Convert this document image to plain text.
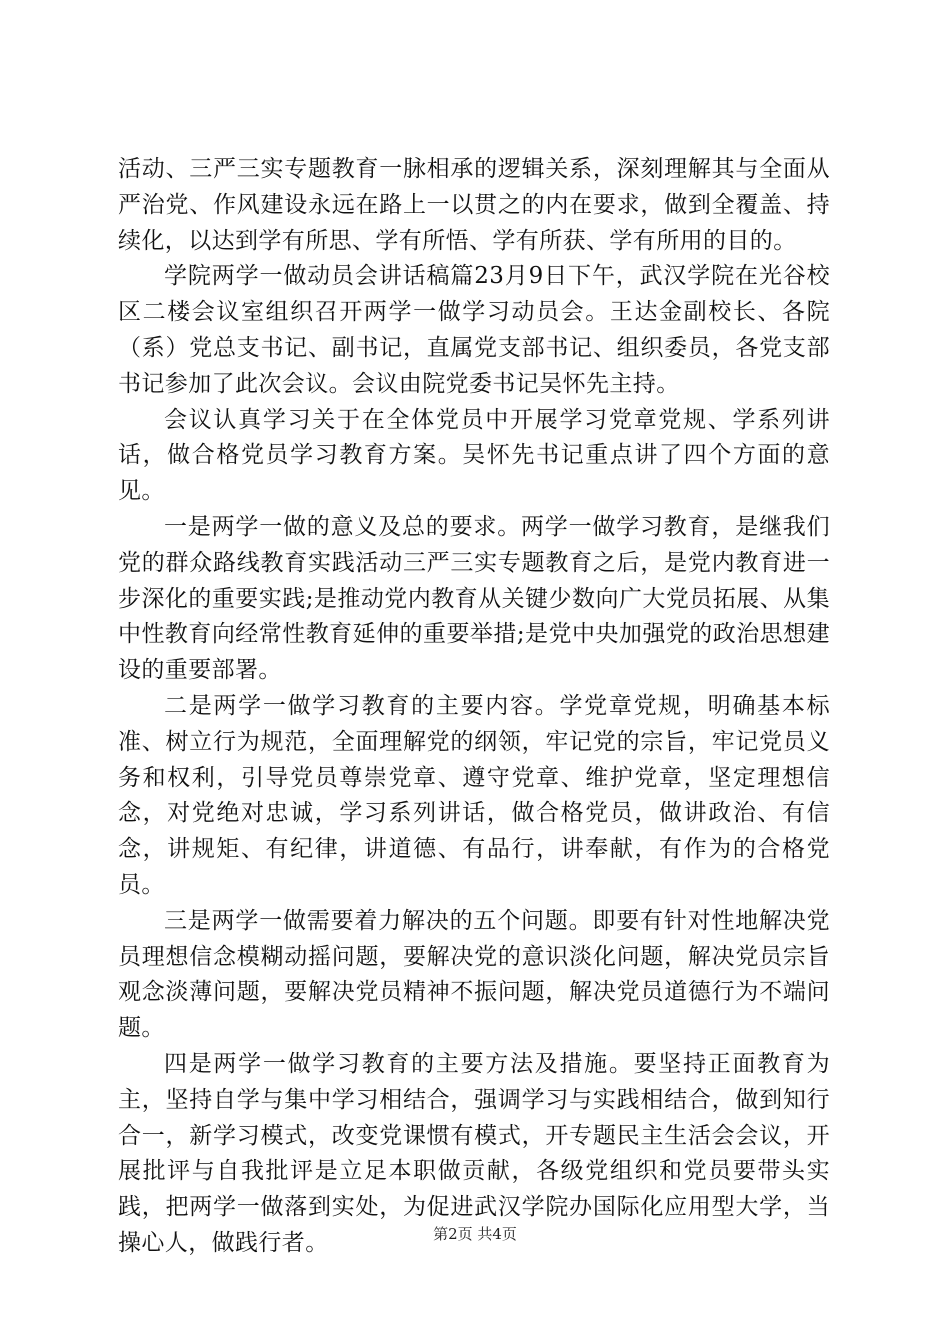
活动、三严三实专题教育一脉相承的逻辑关系，深刻理解其与全面从严治党、作风建设永远在路上一以贯之的内在要求，做到全覆盖、持续化，以达到学有所思、学有所悟、学有所获、学有所用的目的。

学院两学一做动员会讲话稿篇23月9日下午，武汉学院在光谷校区二楼会议室组织召开两学一做学习动员会。王达金副校长、各院（系）党总支书记、副书记，直属党支部书记、组织委员，各党支部书记参加了此次会议。会议由院党委书记吴怀先主持。

会议认真学习关于在全体党员中开展学习党章党规、学系列讲话，做合格党员学习教育方案。吴怀先书记重点讲了四个方面的意见。

一是两学一做的意义及总的要求。两学一做学习教育，是继我们党的群众路线教育实践活动三严三实专题教育之后，是党内教育进一步深化的重要实践;是推动党内教育从关键少数向广大党员拓展、从集中性教育向经常性教育延伸的重要举措;是党中央加强党的政治思想建设的重要部署。

二是两学一做学习教育的主要内容。学党章党规，明确基本标准、树立行为规范，全面理解党的纲领，牢记党的宗旨，牢记党员义务和权利，引导党员尊崇党章、遵守党章、维护党章，坚定理想信念，对党绝对忠诚，学习系列讲话，做合格党员，做讲政治、有信念，讲规矩、有纪律，讲道德、有品行，讲奉献，有作为的合格党员。

三是两学一做需要着力解决的五个问题。即要有针对性地解决党员理想信念模糊动摇问题，要解决党的意识淡化问题，解决党员宗旨观念淡薄问题，要解决党员精神不振问题，解决党员道德行为不端问题。

四是两学一做学习教育的主要方法及措施。要坚持正面教育为主，坚持自学与集中学习相结合，强调学习与实践相结合，做到知行合一，新学习模式，改变党课惯有模式，开专题民主生活会会议，开展批评与自我批评是立足本职做贡献，各级党组织和党员要带头实践，把两学一做落到实处，为促进武汉学院办国际化应用型大学，当操心人，做践行者。	第2页 共4页
